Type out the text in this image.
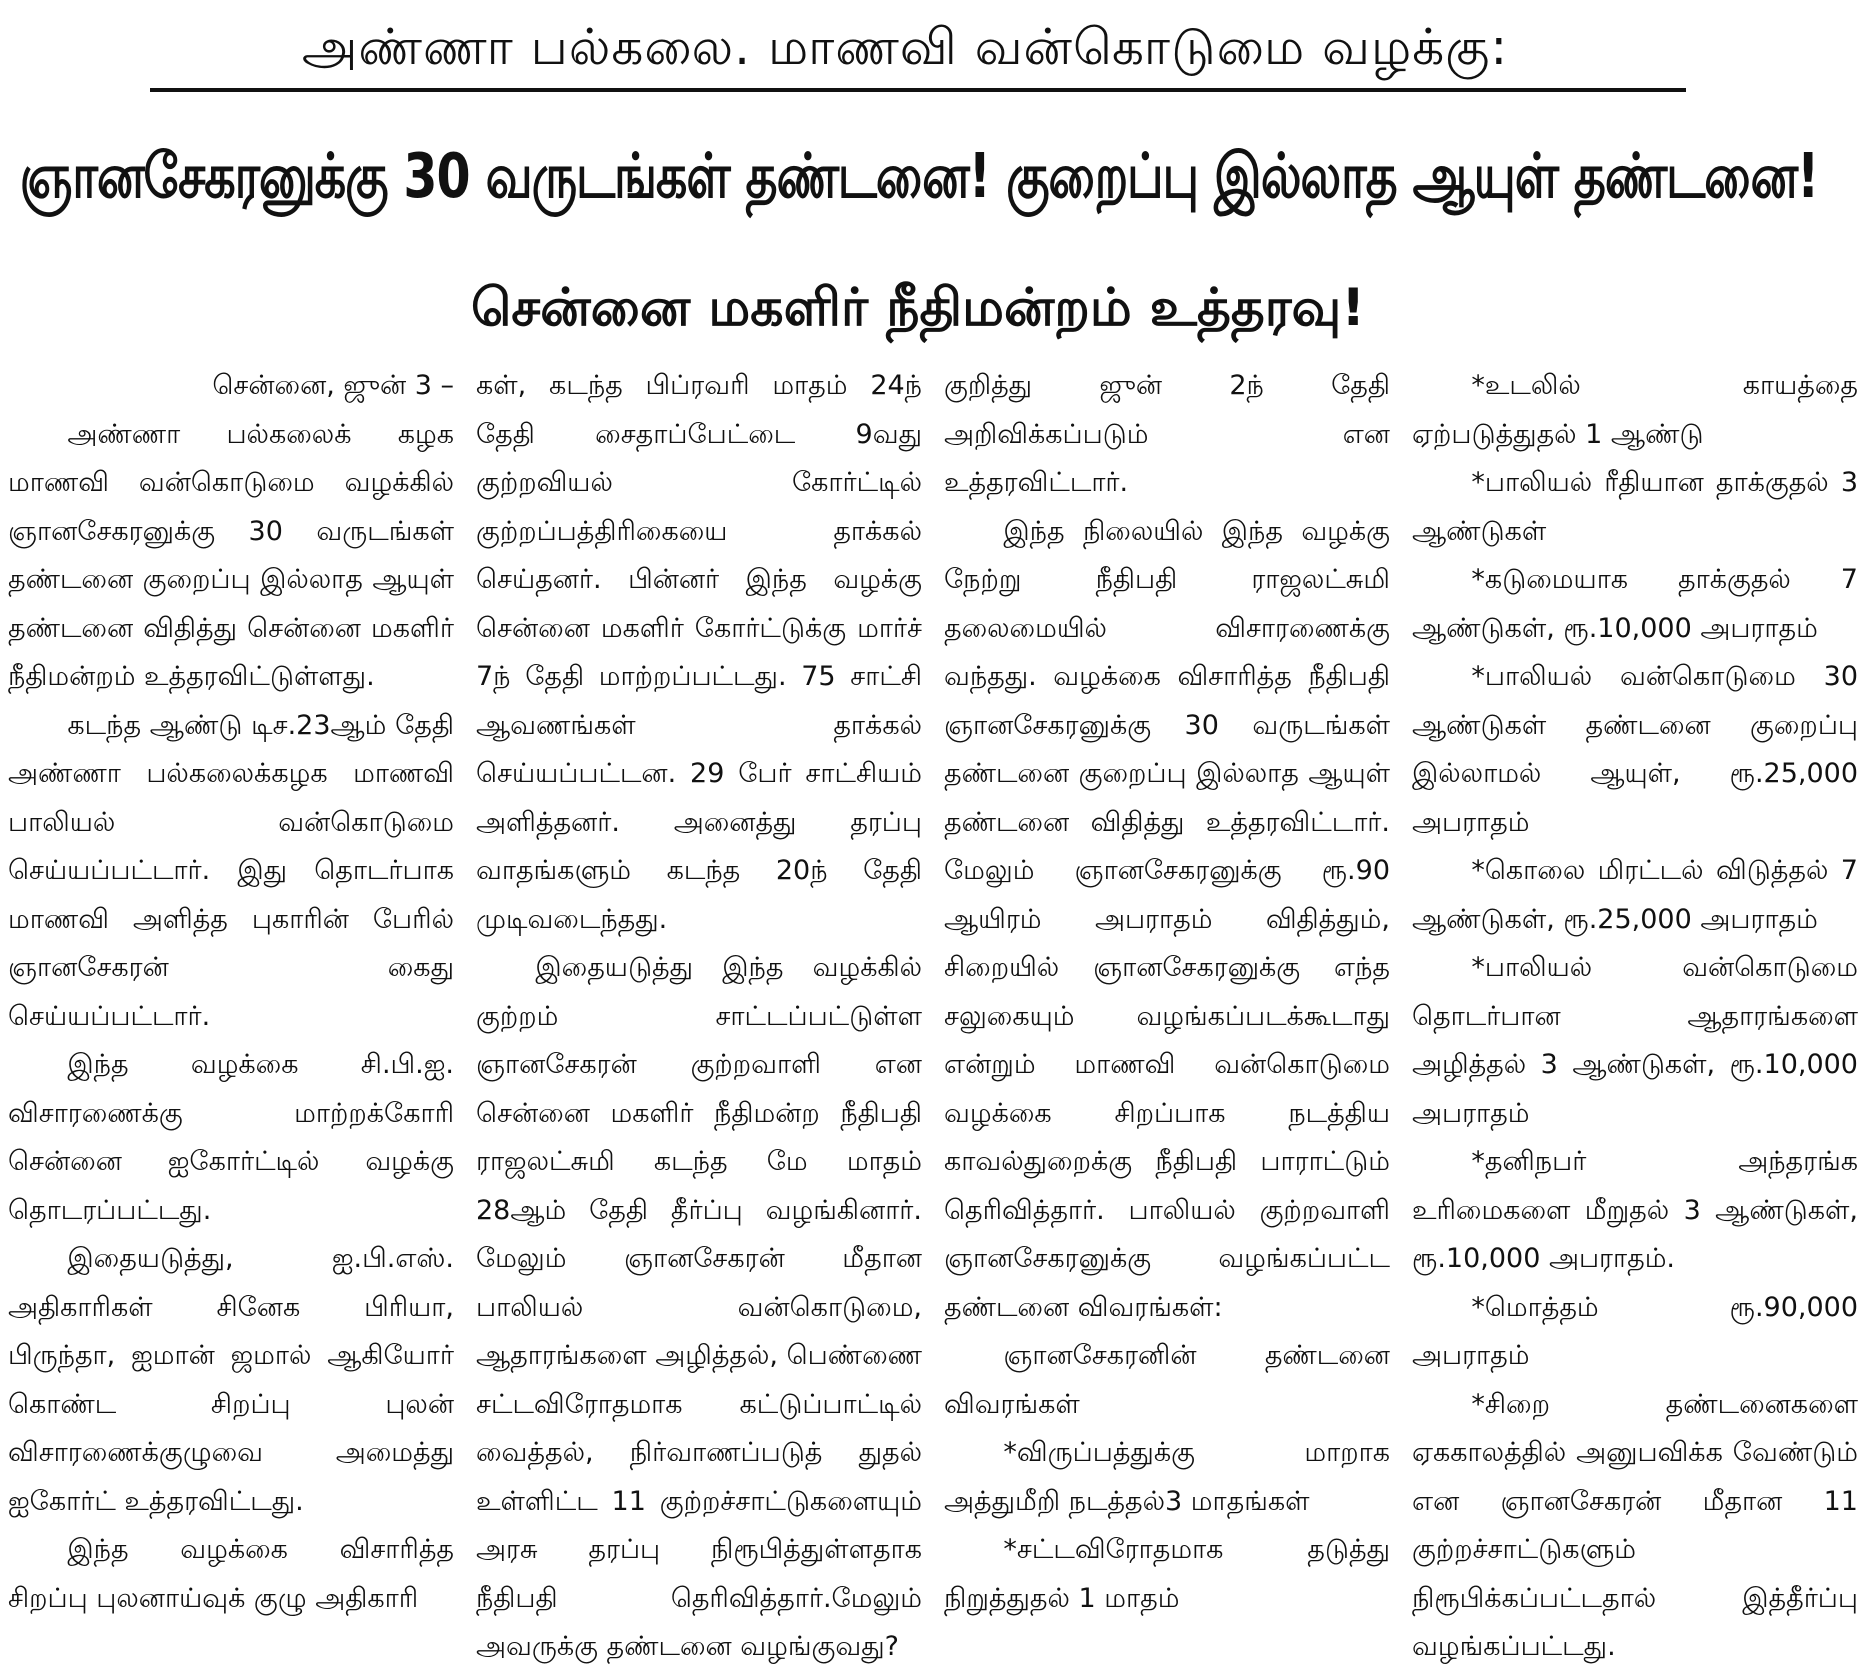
அண்ணா பல்கலை. மாணவி வன்கொடுமை வழக்கு:
ஞானசேகரனுக்கு 30 வருடங்கள் தண்டனை! குறைப்பு இல்லாத ஆயுள் தண்டனை!
சென்னை மகளிர் நீதிமன்றம் உத்தரவு!

சென்னை, ஜுன் 3 –

அண்ணா பல்கலைக் கழக மாணவி வன்கொடுமை வழக்கில் ஞானசேகரனுக்கு 30 வருடங்கள் தண்டனை குறைப்பு இல்லாத ஆயுள் தண்டனை விதித்து சென்னை மகளிர் நீதிமன்றம் உத்தரவிட்டுள்ளது.

கடந்த ஆண்டு டிச.23ஆம் தேதி அண்ணா பல்கலைக்கழக மாணவி பாலியல் வன்கொடுமை செய்யப்பட்டார். இது தொடர்பாக மாணவி அளித்த புகாரின் பேரில் ஞானசேகரன் கைது செய்யப்பட்டார்.

இந்த வழக்கை சி.பி.ஐ. விசாரணைக்கு மாற்றக்கோரி சென்னை ஐகோர்ட்டில் வழக்கு தொடரப்பட்டது.

இதையடுத்து, ஐ.பி.எஸ். அதிகாரிகள் சினேக பிரியா, பிருந்தா, ஐமான் ஜமால் ஆகியோர் கொண்ட சிறப்பு புலன் விசாரணைக்குழுவை அமைத்து ஐகோர்ட் உத்தரவிட்டது.

இந்த வழக்கை விசாரித்த சிறப்பு புலனாய்வுக் குழு அதிகாரி

கள், கடந்த பிப்ரவரி மாதம் 24ந் தேதி சைதாப்பேட்டை 9வது குற்றவியல் கோர்ட்டில் குற்றப்பத்திரிகையை தாக்கல் செய்தனர். பின்னர் இந்த வழக்கு சென்னை மகளிர் கோர்ட்டுக்கு மார்ச் 7ந் தேதி மாற்றப்பட்டது. 75 சாட்சி ஆவணங்கள் தாக்கல் செய்யப்பட்டன. 29 பேர் சாட்சியம் அளித்தனர். அனைத்து தரப்பு வாதங்களும் கடந்த 20ந் தேதி முடிவடைந்தது.

இதையடுத்து இந்த வழக்கில் குற்றம் சாட்டப்பட்டுள்ள ஞானசேகரன் குற்றவாளி என சென்னை மகளிர் நீதிமன்ற நீதிபதி ராஜலட்சுமி கடந்த மே மாதம் 28ஆம் தேதி தீர்ப்பு வழங்கினார். மேலும் ஞானசேகரன் மீதான பாலியல் வன்கொடுமை, ஆதாரங்களை அழித்தல், பெண்ணை சட்டவிரோதமாக கட்டுப்பாட்டில் வைத்தல், நிர்வாணப்படுத் துதல் உள்ளிட்ட 11 குற்றச்சாட்டுகளையும் அரசு தரப்பு நிரூபித்துள்ளதாக நீதிபதி தெரிவித்தார்.மேலும் அவருக்கு தண்டனை வழங்குவது?

குறித்து ஜுன் 2ந் தேதி அறிவிக்கப்படும் என உத்தரவிட்டார்.

இந்த நிலையில் இந்த வழக்கு நேற்று நீதிபதி ராஜலட்சுமி தலைமையில் விசாரணைக்கு வந்தது. வழக்கை விசாரித்த நீதிபதி ஞானசேகரனுக்கு 30 வருடங்கள் தண்டனை குறைப்பு இல்லாத ஆயுள் தண்டனை விதித்து உத்தரவிட்டார். மேலும் ஞானசேகரனுக்கு ரூ.90 ஆயிரம் அபராதம் விதித்தும், சிறையில் ஞானசேகரனுக்கு எந்த சலுகையும் வழங்கப்படக்கூடாது என்றும் மாணவி வன்கொடுமை வழக்கை சிறப்பாக நடத்திய காவல்துறைக்கு நீதிபதி பாராட்டும் தெரிவித்தார். பாலியல் குற்றவாளி ஞானசேகரனுக்கு வழங்கப்பட்ட தண்டனை விவரங்கள்:

ஞானசேகரனின் தண்டனை விவரங்கள்

*விருப்பத்துக்கு மாறாக அத்துமீறி நடத்தல்3 மாதங்கள்

*சட்டவிரோதமாக தடுத்து நிறுத்துதல் 1 மாதம்

*உடலில் காயத்தை ஏற்படுத்துதல் 1 ஆண்டு

*பாலியல் ரீதியான தாக்குதல் 3 ஆண்டுகள்

*கடுமையாக தாக்குதல் 7 ஆண்டுகள், ரூ.10,000 அபராதம்

*பாலியல் வன்கொடுமை 30 ஆண்டுகள் தண்டனை குறைப்பு இல்லாமல் ஆயுள், ரூ.25,000 அபராதம்

*கொலை மிரட்டல் விடுத்தல் 7 ஆண்டுகள், ரூ.25,000 அபராதம்

*பாலியல் வன்கொடுமை தொடர்பான ஆதாரங்களை அழித்தல் 3 ஆண்டுகள், ரூ.10,000 அபராதம்

*தனிநபர் அந்தரங்க உரிமைகளை மீறுதல் 3 ஆண்டுகள், ரூ.10,000 அபராதம்.

*மொத்தம் ரூ.90,000 அபராதம்

*சிறை தண்டனைகளை ஏககாலத்தில் அனுபவிக்க வேண்டும் என ஞானசேகரன் மீதான 11 குற்றச்சாட்டுகளும் நிரூபிக்கப்பட்டதால் இத்தீர்ப்பு வழங்கப்பட்டது.
